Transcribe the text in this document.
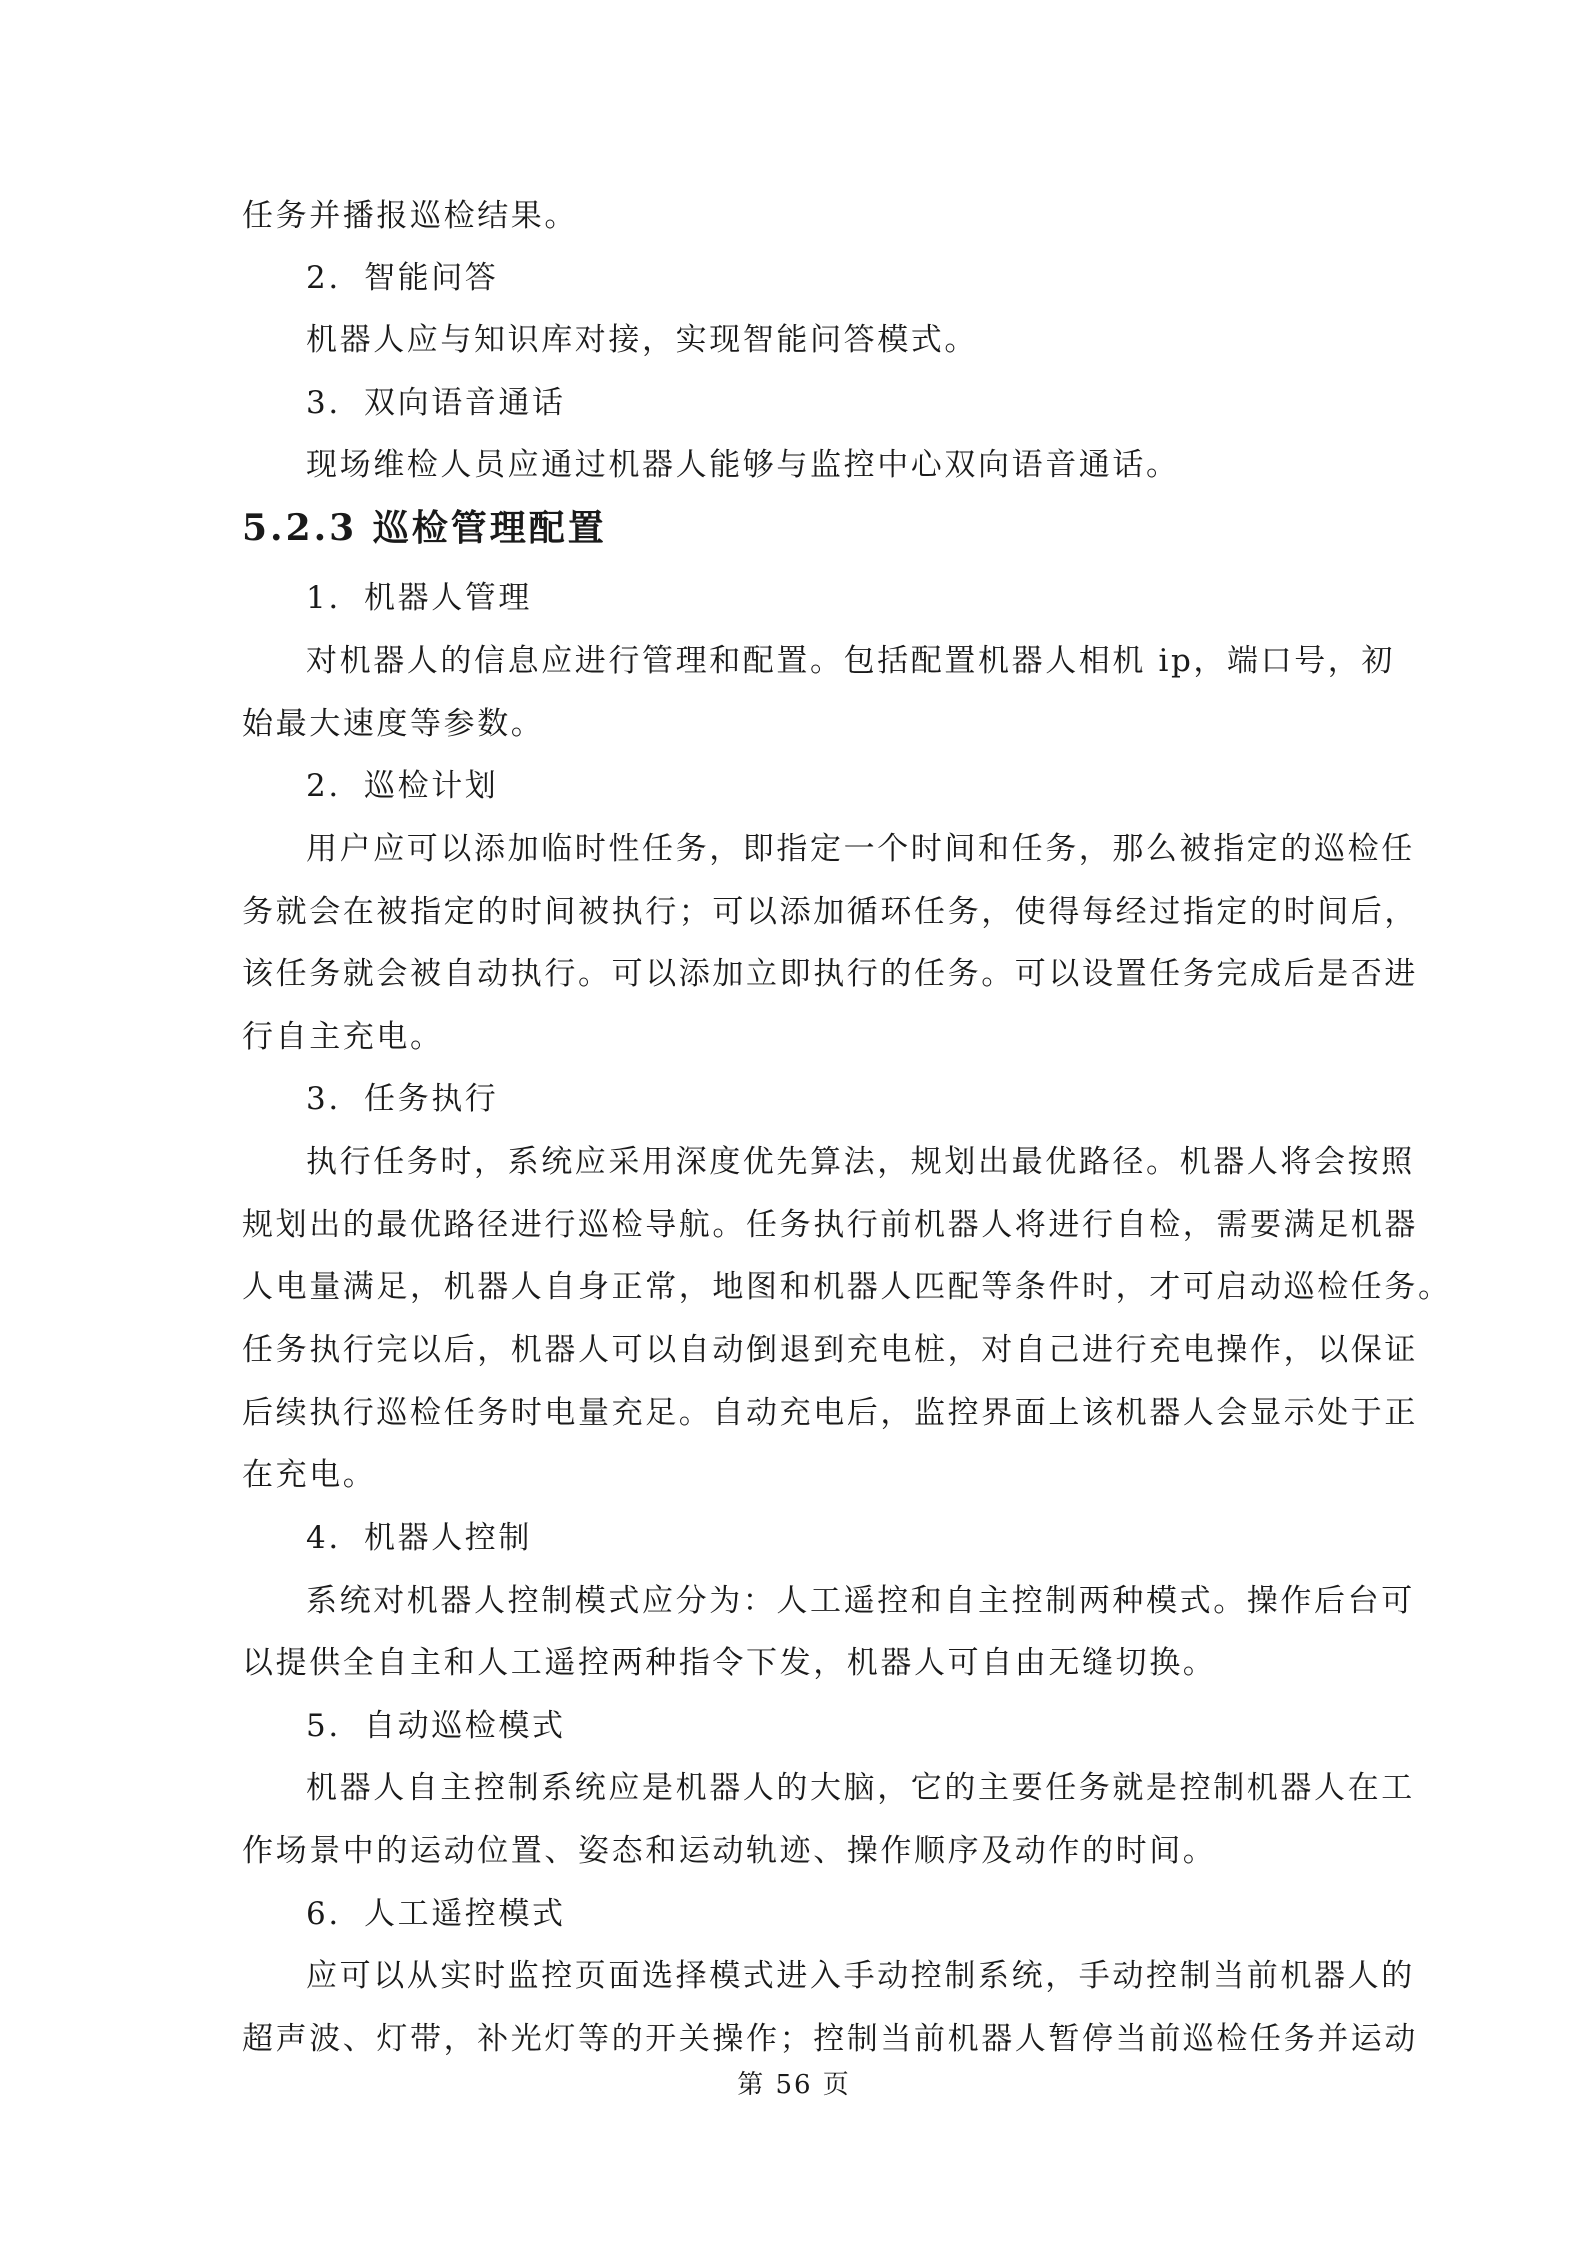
任务并播报巡检结果。
2. 智能问答
机器人应与知识库对接，实现智能问答模式。
3. 双向语音通话
现场维检人员应通过机器人能够与监控中心双向语音通话。
5.2.3 巡检管理配置
1. 机器人管理
对机器人的信息应进行管理和配置。包括配置机器人相机 ip，端口号，初
始最大速度等参数。
2. 巡检计划
用户应可以添加临时性任务，即指定一个时间和任务，那么被指定的巡检任
务就会在被指定的时间被执行；可以添加循环任务，使得每经过指定的时间后，
该任务就会被自动执行。可以添加立即执行的任务。可以设置任务完成后是否进
行自主充电。
3. 任务执行
执行任务时，系统应采用深度优先算法，规划出最优路径。机器人将会按照
规划出的最优路径进行巡检导航。任务执行前机器人将进行自检，需要满足机器
人电量满足，机器人自身正常，地图和机器人匹配等条件时，才可启动巡检任务。
任务执行完以后，机器人可以自动倒退到充电桩，对自己进行充电操作，以保证
后续执行巡检任务时电量充足。自动充电后，监控界面上该机器人会显示处于正
在充电。
4. 机器人控制
系统对机器人控制模式应分为：人工遥控和自主控制两种模式。操作后台可
以提供全自主和人工遥控两种指令下发，机器人可自由无缝切换。
5. 自动巡检模式
机器人自主控制系统应是机器人的大脑，它的主要任务就是控制机器人在工
作场景中的运动位置、姿态和运动轨迹、操作顺序及动作的时间。
6. 人工遥控模式
应可以从实时监控页面选择模式进入手动控制系统，手动控制当前机器人的
超声波、灯带，补光灯等的开关操作；控制当前机器人暂停当前巡检任务并运动
第 56 页
